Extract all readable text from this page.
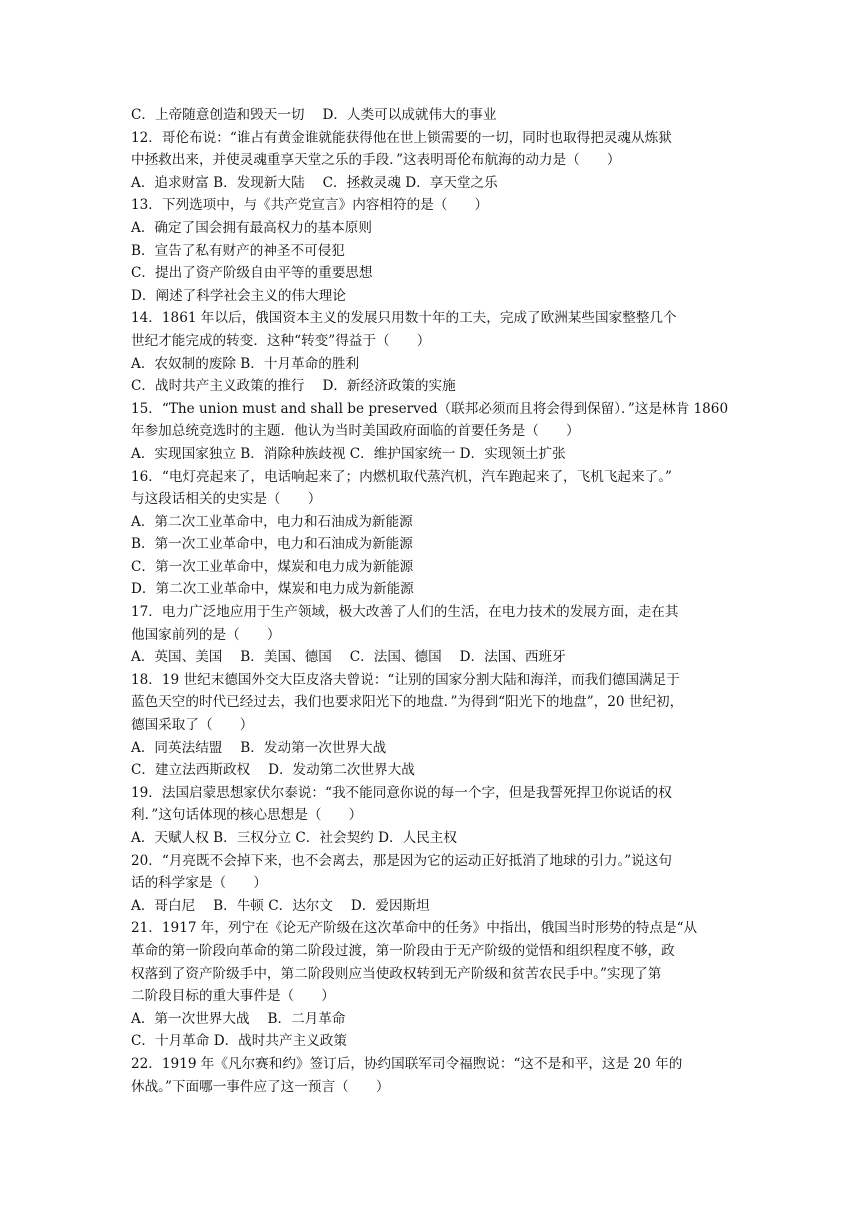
C．上帝随意创造和毁天一切　 D．人类可以成就伟大的事业
12．哥伦布说：“谁占有黄金谁就能获得他在世上锁需要的一切，同时也取得把灵魂从炼狱
中拯救出来，并使灵魂重享天堂之乐的手段．”这表明哥伦布航海的动力是（　　）
A．追求财富 B．发现新大陆　 C．拯救灵魂 D．享天堂之乐
13．下列选项中，与《共产党宣言》内容相符的是（　　）
A．确定了国会拥有最高权力的基本原则
B．宣告了私有财产的神圣不可侵犯
C．提出了资产阶级自由平等的重要思想
D．阐述了科学社会主义的伟大理论
14．1861 年以后，俄国资本主义的发展只用数十年的工夫，完成了欧洲某些国家整整几个
世纪才能完成的转变．这种“转变”得益于（　　）
A．农奴制的废除 B．十月革命的胜利
C．战时共产主义政策的推行　 D．新经济政策的实施
15．“The union must and shall be preserved（联邦必须而且将会得到保留）．”这是林肯 1860
年参加总统竞选时的主题．他认为当时美国政府面临的首要任务是（　　）
A．实现国家独立 B．消除种族歧视 C．维护国家统一 D．实现领土扩张
16．“电灯亮起来了，电话响起来了；内燃机取代蒸汽机，汽车跑起来了，飞机飞起来了。”
与这段话相关的史实是（　　）
A．第二次工业革命中，电力和石油成为新能源
B．第一次工业革命中，电力和石油成为新能源
C．第一次工业革命中，煤炭和电力成为新能源
D．第二次工业革命中，煤炭和电力成为新能源
17．电力广泛地应用于生产领域，极大改善了人们的生活，在电力技术的发展方面，走在其
他国家前列的是（　　）
A．英国、美国　 B．美国、德国　 C．法国、德国　 D．法国、西班牙
18．19 世纪末德国外交大臣皮洛夫曾说：“让别的国家分割大陆和海洋，而我们德国满足于
蓝色天空的时代已经过去，我们也要求阳光下的地盘．”为得到“阳光下的地盘”，20 世纪初，
德国采取了（　　）
A．同英法结盟　 B．发动第一次世界大战
C．建立法西斯政权　 D．发动第二次世界大战
19．法国启蒙思想家伏尔泰说：“我不能同意你说的每一个字，但是我誓死捍卫你说话的权
利．”这句话体现的核心思想是（　　）
A．天赋人权 B．三权分立 C．社会契约 D．人民主权
20．“月亮既不会掉下来，也不会离去，那是因为它的运动正好抵消了地球的引力。”说这句
话的科学家是（　　）
A．哥白尼　 B．牛顿 C．达尔文　 D．爱因斯坦
21．1917 年，列宁在《论无产阶级在这次革命中的任务》中指出，俄国当时形势的特点是“从
革命的第一阶段向革命的第二阶段过渡，第一阶段由于无产阶级的觉悟和组织程度不够，政
权落到了资产阶级手中，第二阶段则应当使政权转到无产阶级和贫苦农民手中。”实现了第
二阶段目标的重大事件是（　　）
A．第一次世界大战　 B．二月革命
C．十月革命 D．战时共产主义政策
22．1919 年《凡尔赛和约》签订后，协约国联军司令福煦说：“这不是和平，这是 20 年的
休战。”下面哪一事件应了这一预言（　　）
